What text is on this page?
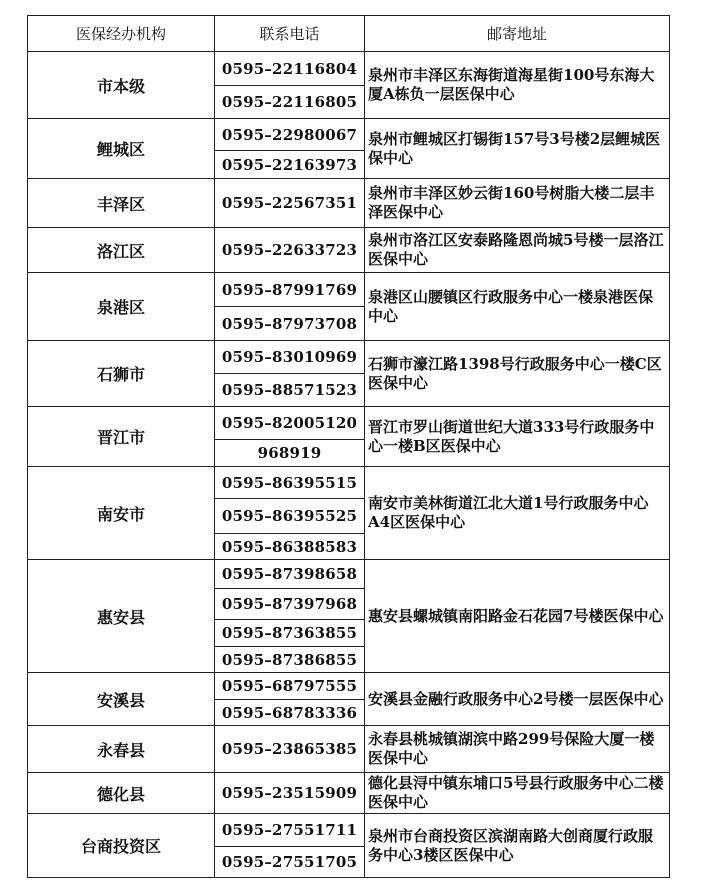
医保经办机构	联系电话	邮寄地址
市本级	0595–22116804	泉州市丰泽区东海街道海星街100号东海大厦A栋负一层医保中心
	0595–22116805	
鲤城区	0595–22980067	泉州市鲤城区打锡街157号3号楼2层鲤城医保中心
	0595–22163973	
丰泽区	0595–22567351	泉州市丰泽区妙云街160号树脂大楼二层丰泽医保中心
洛江区	0595–22633723	泉州市洛江区安泰路隆恩尚城5号楼一层洛江医保中心
泉港区	0595–87991769	泉港区山腰镇区行政服务中心一楼泉港医保中心
	0595–87973708	
石狮市	0595–83010969	石狮市濠江路1398号行政服务中心一楼C区医保中心
	0595–88571523	
晋江市	0595–82005120	晋江市罗山街道世纪大道333号行政服务中心一楼B区医保中心
	968919	
南安市	0595–86395515	南安市美林街道江北大道1号行政服务中心A4区医保中心
	0595–86395525	
	0595–86388583	
惠安县	0595–87398658	惠安县螺城镇南阳路金石花园7号楼医保中心
	0595–87397968	
	0595–87363855	
	0595–87386855	
安溪县	0595–68797555	安溪县金融行政服务中心2号楼一层医保中心
	0595–68783336	
永春县	0595–23865385	永春县桃城镇湖滨中路299号保险大厦一楼医保中心
德化县	0595–23515909	德化县浔中镇东埔口5号县行政服务中心二楼医保中心
台商投资区	0595–27551711	泉州市台商投资区滨湖南路大创商厦行政服务中心3楼区医保中心
	0595–27551705	
